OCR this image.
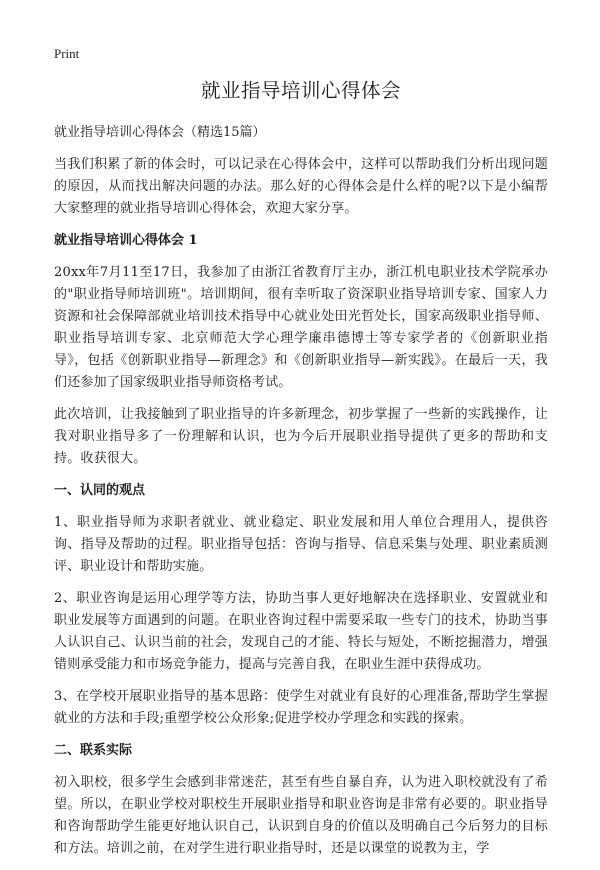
Print
就业指导培训心得体会
就业指导培训心得体会（精选15篇）

当我们积累了新的体会时，可以记录在心得体会中，这样可以帮助我们分析出现问题的原因，从而找出解决问题的办法。那么好的心得体会是什么样的呢?以下是小编帮大家整理的就业指导培训心得体会，欢迎大家分享。

就业指导培训心得体会 1

20xx年7月11至17日，我参加了由浙江省教育厅主办，浙江机电职业技术学院承办的"职业指导师培训班"。培训期间，很有幸听取了资深职业指导培训专家、国家人力资源和社会保障部就业培训技术指导中心就业处田光哲处长，国家高级职业指导师、职业指导培训专家、北京师范大学心理学廉串德博士等专家学者的《创新职业指导》，包括《创新职业指导—新理念》和《创新职业指导—新实践》。在最后一天，我们还参加了国家级职业指导师资格考试。

此次培训，让我接触到了职业指导的许多新理念，初步掌握了一些新的实践操作，让我对职业指导多了一份理解和认识，也为今后开展职业指导提供了更多的帮助和支持。收获很大。

一、认同的观点

1、职业指导师为求职者就业、就业稳定、职业发展和用人单位合理用人，提供咨询、指导及帮助的过程。职业指导包括：咨询与指导、信息采集与处理、职业素质测评、职业设计和帮助实施。

2、职业咨询是运用心理学等方法，协助当事人更好地解决在选择职业、安置就业和职业发展等方面遇到的问题。在职业咨询过程中需要采取一些专门的技术，协助当事人认识自己、认识当前的社会，发现自己的才能、特长与短处，不断挖掘潜力，增强错则承受能力和市场竞争能力，提高与完善自我，在职业生涯中获得成功。

3、在学校开展职业指导的基本思路：使学生对就业有良好的心理准备,帮助学生掌握就业的方法和手段;重塑学校公众形象;促进学校办学理念和实践的探索。

二、联系实际

初入职校，很多学生会感到非常迷茫，甚至有些自暴自弃，认为进入职校就没有了希望。所以，在职业学校对职校生开展职业指导和职业咨询是非常有必要的。职业指导和咨询帮助学生能更好地认识自己，认识到自身的价值以及明确自己今后努力的目标和方法。培训之前，在对学生进行职业指导时，还是以课堂的说教为主，学
